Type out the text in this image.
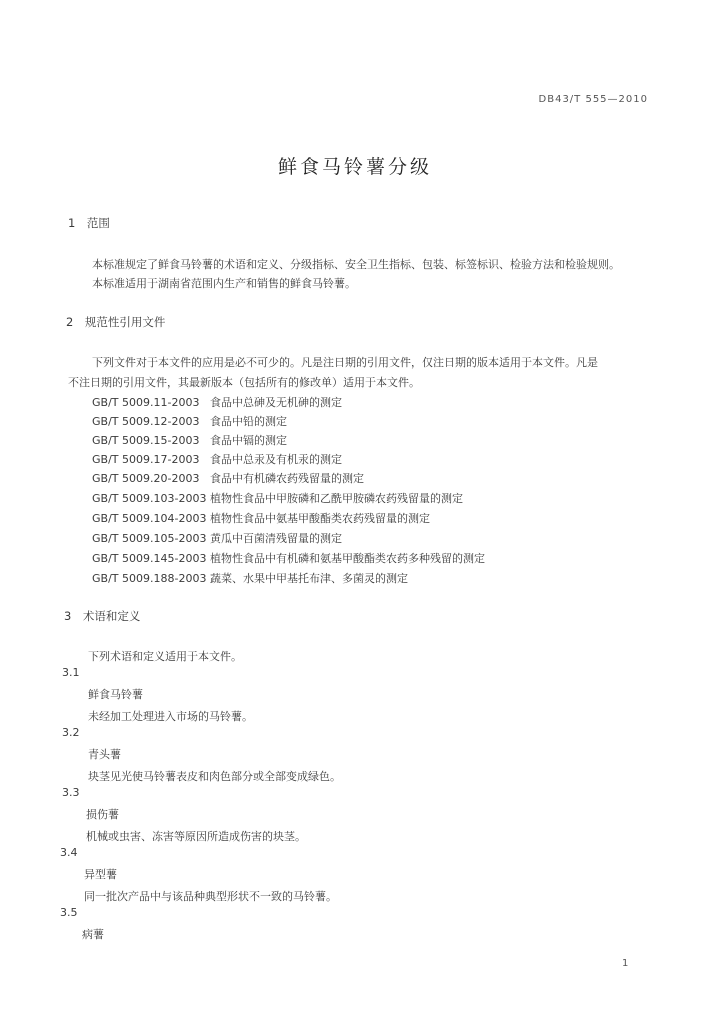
DB43/T 555—2010
鲜食马铃薯分级
1　范围
本标准规定了鲜食马铃薯的术语和定义、分级指标、安全卫生指标、包装、标签标识、检验方法和检验规则。
本标准适用于湖南省范围内生产和销售的鲜食马铃薯。
2　规范性引用文件
下列文件对于本文件的应用是必不可少的。凡是注日期的引用文件，仅注日期的版本适用于本文件。凡是
不注日期的引用文件，其最新版本（包括所有的修改单）适用于本文件。
GB/T 5009.11-2003 食品中总砷及无机砷的测定
GB/T 5009.12-2003 食品中铅的测定
GB/T 5009.15-2003 食品中镉的测定
GB/T 5009.17-2003 食品中总汞及有机汞的测定
GB/T 5009.20-2003 食品中有机磷农药残留量的测定
GB/T 5009.103-2003 植物性食品中甲胺磷和乙酰甲胺磷农药残留量的测定
GB/T 5009.104-2003 植物性食品中氨基甲酸酯类农药残留量的测定
GB/T 5009.105-2003 黄瓜中百菌清残留量的测定
GB/T 5009.145-2003 植物性食品中有机磷和氨基甲酸酯类农药多种残留的测定
GB/T 5009.188-2003 蔬菜、水果中甲基托布津、多菌灵的测定
3　术语和定义
下列术语和定义适用于本文件。
3.1
鲜食马铃薯
未经加工处理进入市场的马铃薯。
3.2
青头薯
块茎见光使马铃薯表皮和肉色部分或全部变成绿色。
3.3
损伤薯
机械或虫害、冻害等原因所造成伤害的块茎。
3.4
异型薯
同一批次产品中与该品种典型形状不一致的马铃薯。
3.5
病薯
1
